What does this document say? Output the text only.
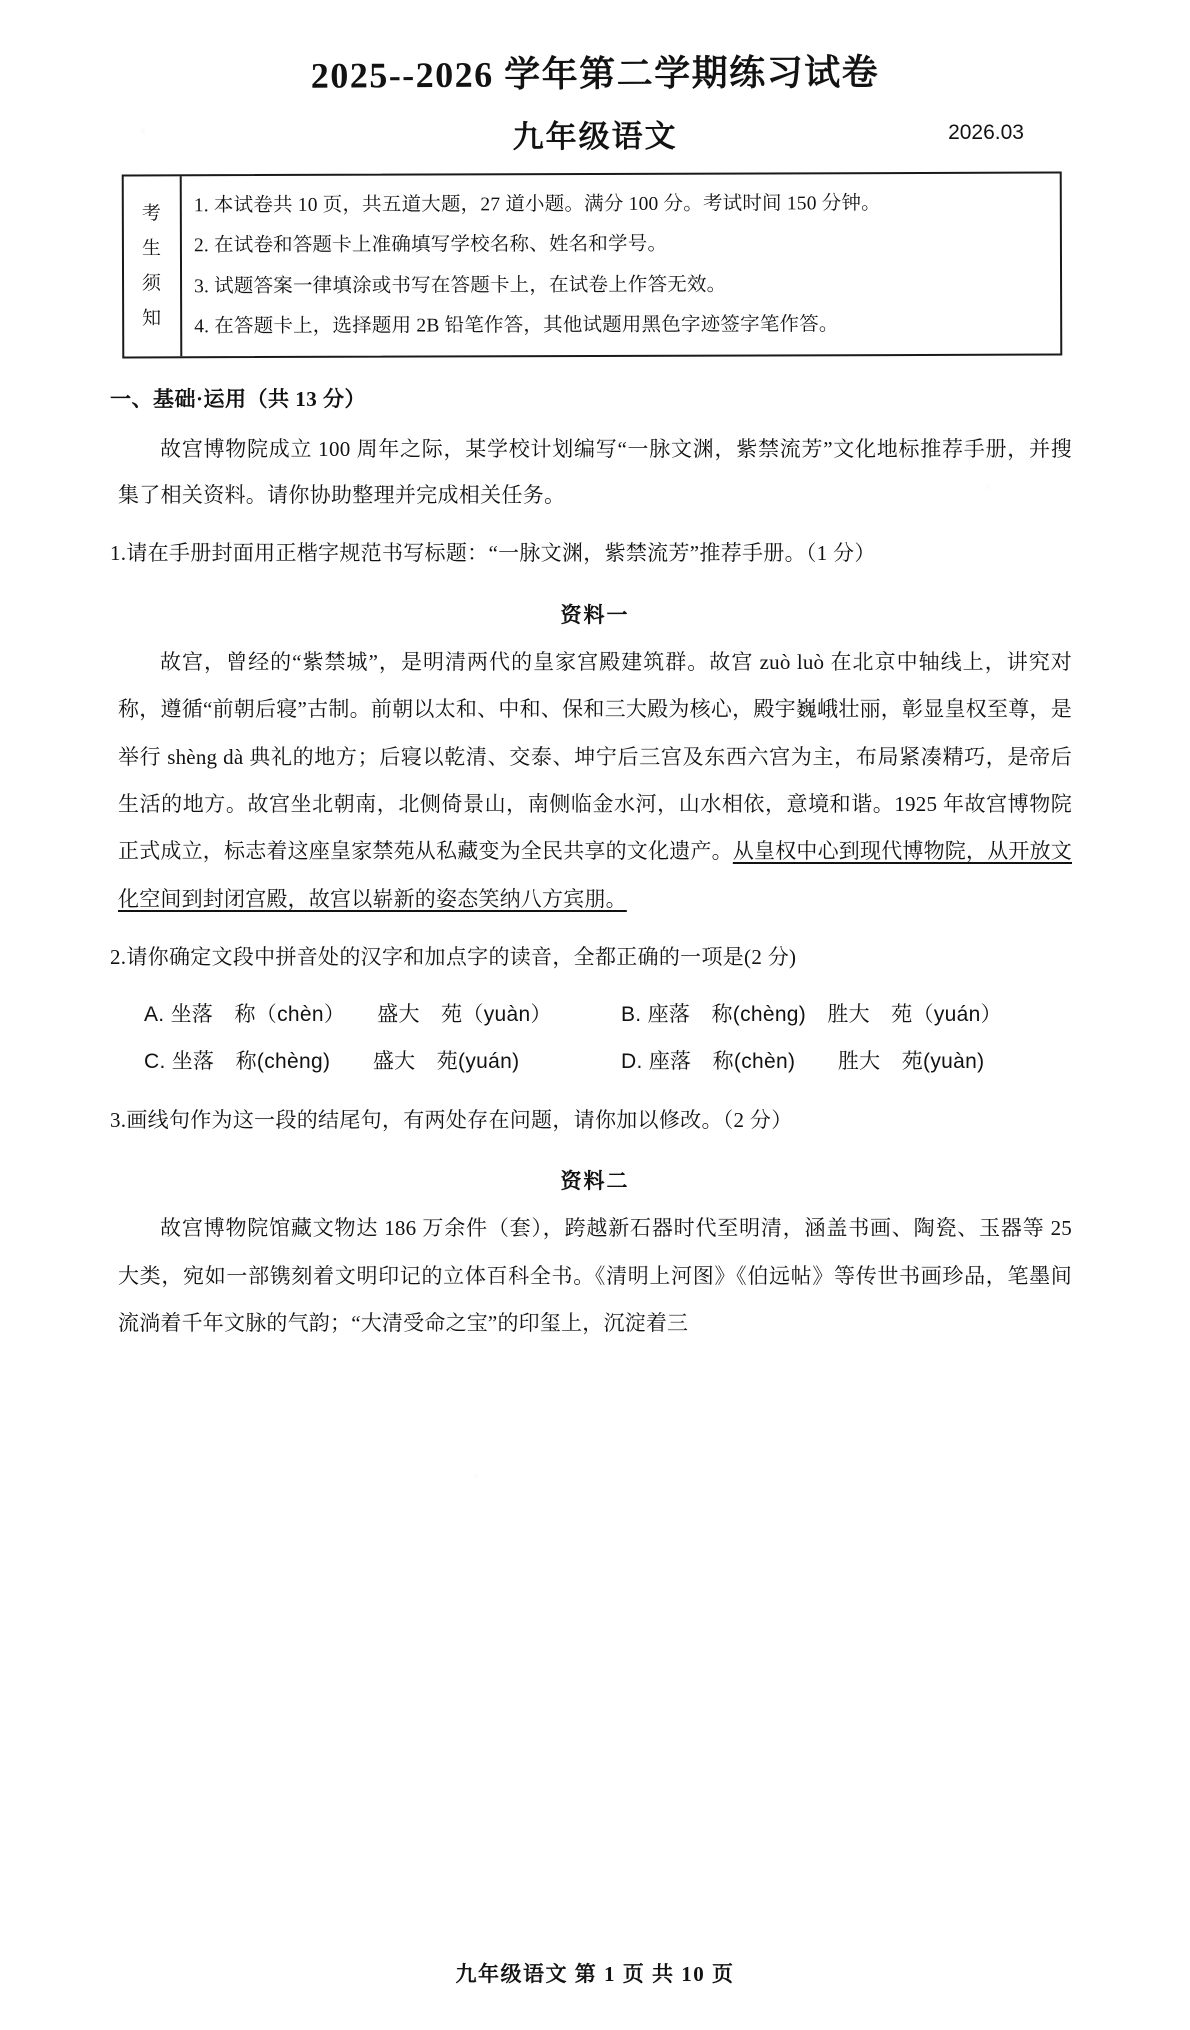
2025--2026 学年第二学期练习试卷
九年级语文	2026.03
考
生
须
知
1. 本试卷共 10 页，共五道大题，27 道小题。满分 100 分。考试时间 150 分钟。
2. 在试卷和答题卡上准确填写学校名称、姓名和学号。
3. 试题答案一律填涂或书写在答题卡上，在试卷上作答无效。
4. 在答题卡上，选择题用 2B 铅笔作答，其他试题用黑色字迹签字笔作答。
一、基础·运用（共 13 分）

故宫博物院成立 100 周年之际，某学校计划编写“一脉文渊，紫禁流芳”文化地标推荐手册，并搜集了相关资料。请你协助整理并完成相关任务。

1.请在手册封面用正楷字规范书写标题：“一脉文渊，紫禁流芳”推荐手册。（1 分）

资料一

故宫，曾经的“紫禁城”，是明清两代的皇家宫殿建筑群。故宫 zuò luò 在北京中轴线上，讲究对称，遵循“前朝后寝”古制。前朝以太和、中和、保和三大殿为核心，殿宇巍峨壮丽，彰显皇权至尊，是举行 shèng dà 典礼的地方；后寝以乾清、交泰、坤宁后三宫及东西六宫为主，布局紧凑精巧，是帝后生活的地方。故宫坐北朝南，北侧倚景山，南侧临金水河，山水相依，意境和谐。1925 年故宫博物院正式成立，标志着这座皇家禁苑从私藏变为全民共享的文化遗产。从皇权中心到现代博物院，从开放文化空间到封闭宫殿，故宫以崭新的姿态笑纳八方宾朋。

2.请你确定文段中拼音处的汉字和加点字的读音，全都正确的一项是(2 分)

A. 坐落　称（chèn）　　盛大　苑（yuàn）	B. 座落　称(chèng)　胜大　苑（yuán）
C. 坐落　称(chèng)　　盛大　苑(yuán)	D. 座落　称(chèn)　　胜大　苑(yuàn)

3.画线句作为这一段的结尾句，有两处存在问题，请你加以修改。（2 分）

资料二

故宫博物院馆藏文物达 186 万余件（套），跨越新石器时代至明清，涵盖书画、陶瓷、玉器等 25 大类，宛如一部镌刻着文明印记的立体百科全书。《清明上河图》《伯远帖》等传世书画珍品，笔墨间流淌着千年文脉的气韵；“大清受命之宝”的印玺上，沉淀着三

九年级语文 第 1 页 共 10 页
